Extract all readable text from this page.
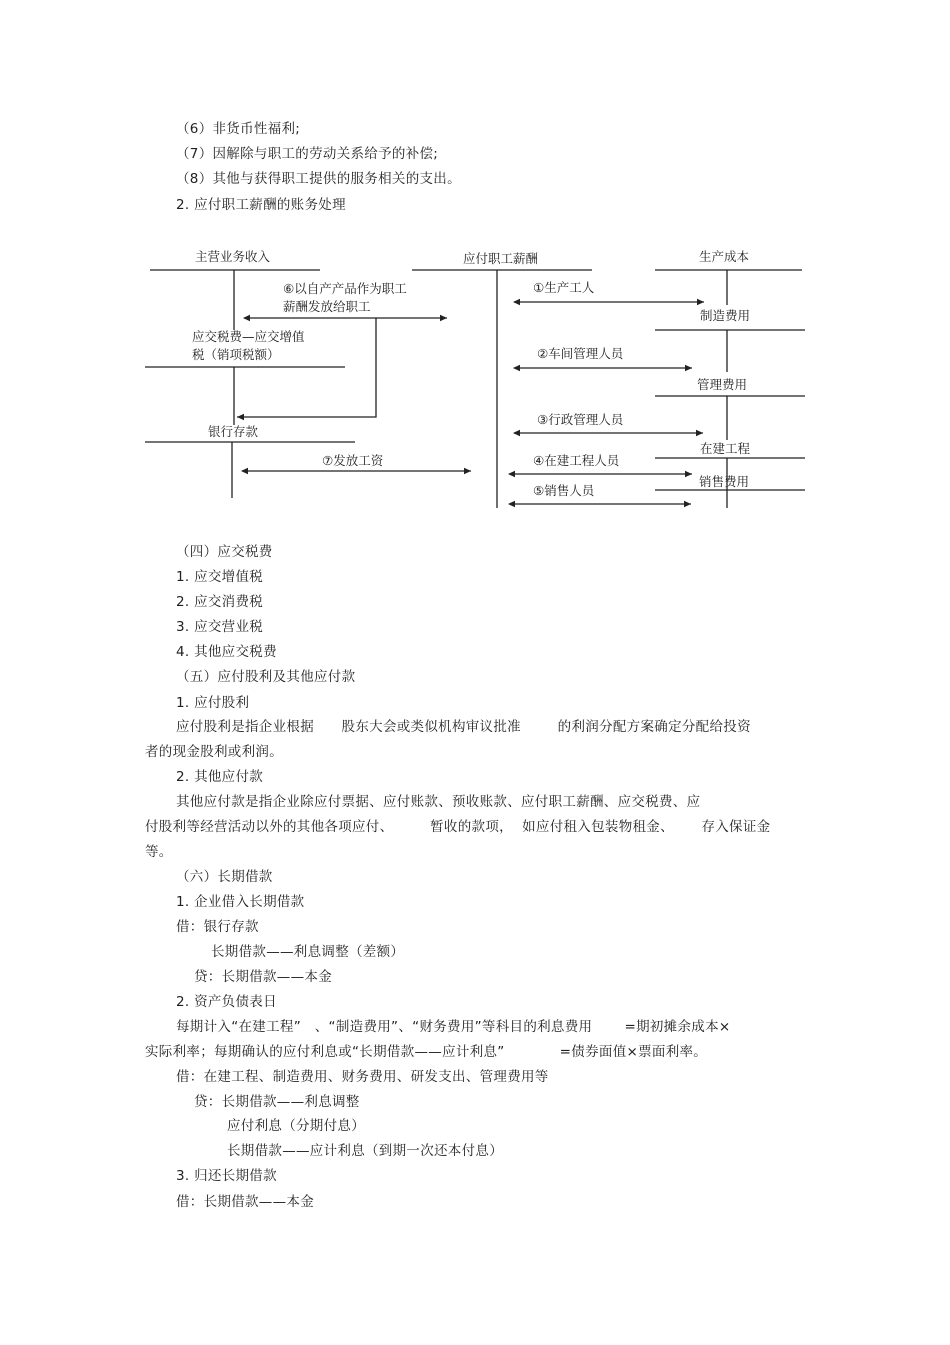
（6）非货币性福利;
（7）因解除与职工的劳动关系给予的补偿;
（8）其他与获得职工提供的服务相关的支出。
2. 应付职工薪酬的账务处理
主营业务收入	应付职工薪酬	生产成本
制造费用
管理费用
在建工程
销售费用
应交税费—应交增值
税（销项税额）
银行存款
⑥以自产产品作为职工
薪酬发放给职工
⑦发放工资
①生产工人
②车间管理人员
③行政管理人员
④在建工程人员
⑤销售人员
（四）应交税费
1. 应交增值税
2. 应交消费税
3. 应交营业税
4. 其他应交税费
（五）应付股利及其他应付款
1. 应付股利
应付股利是指企业根据      股东大会或类似机构审议批准        的利润分配方案确定分配给投资
者的现金股利或利润。
2. 其他应付款
其他应付款是指企业除应付票据、应付账款、预收账款、应付职工薪酬、应交税费、应
付股利等经营活动以外的其他各项应付、        暂收的款项，  如应付租入包装物租金、      存入保证金
等。
（六）长期借款
1. 企业借入长期借款
借：银行存款
长期借款——利息调整（差额）
贷：长期借款——本金
2. 资产负债表日
每期计入“在建工程”   、“制造费用”、“财务费用”等科目的利息费用       =期初摊余成本×
实际利率；每期确认的应付利息或“长期借款——应计利息”            =债券面值×票面利率。
借：在建工程、制造费用、财务费用、研发支出、管理费用等
贷：长期借款——利息调整
应付利息（分期付息）
长期借款——应计利息（到期一次还本付息）
3. 归还长期借款
借：长期借款——本金
